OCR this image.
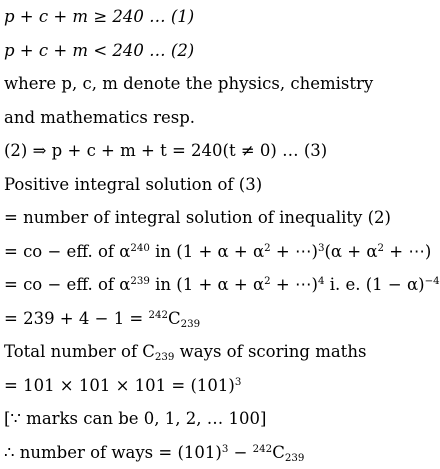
p + c + m ≥ 240 … (1)
p + c + m < 240 … (2)
where p, c, m denote the physics, chemistry
and mathematics resp.
(2) ⇒ p + c + m + t = 240(t ≠ 0) … (3)
Positive integral solution of (3)
= number of integral solution of inequality (2)
= co − eff. of $\alpha^{240}$ in ($1 + \alpha + \alpha^2$ + ⋯)$^3$(α + $\alpha^2$ + ⋯)
= co − eff. of $\alpha^{239}$ in ($1 + \alpha + \alpha^2$ + ⋯)$^4$ i. e. $(1 - \alpha)^{-4}$
= $239 + 4 - 1 = ^{242}C_{239}$
Total number of $C_{239}$ ways of scoring maths
= $101 \times 101 \times 101 = (101)^3$
[∵ marks can be 0, 1, 2, … 100]
∴ number of ways = $(101)^3 - ^{242}C_{239}$
